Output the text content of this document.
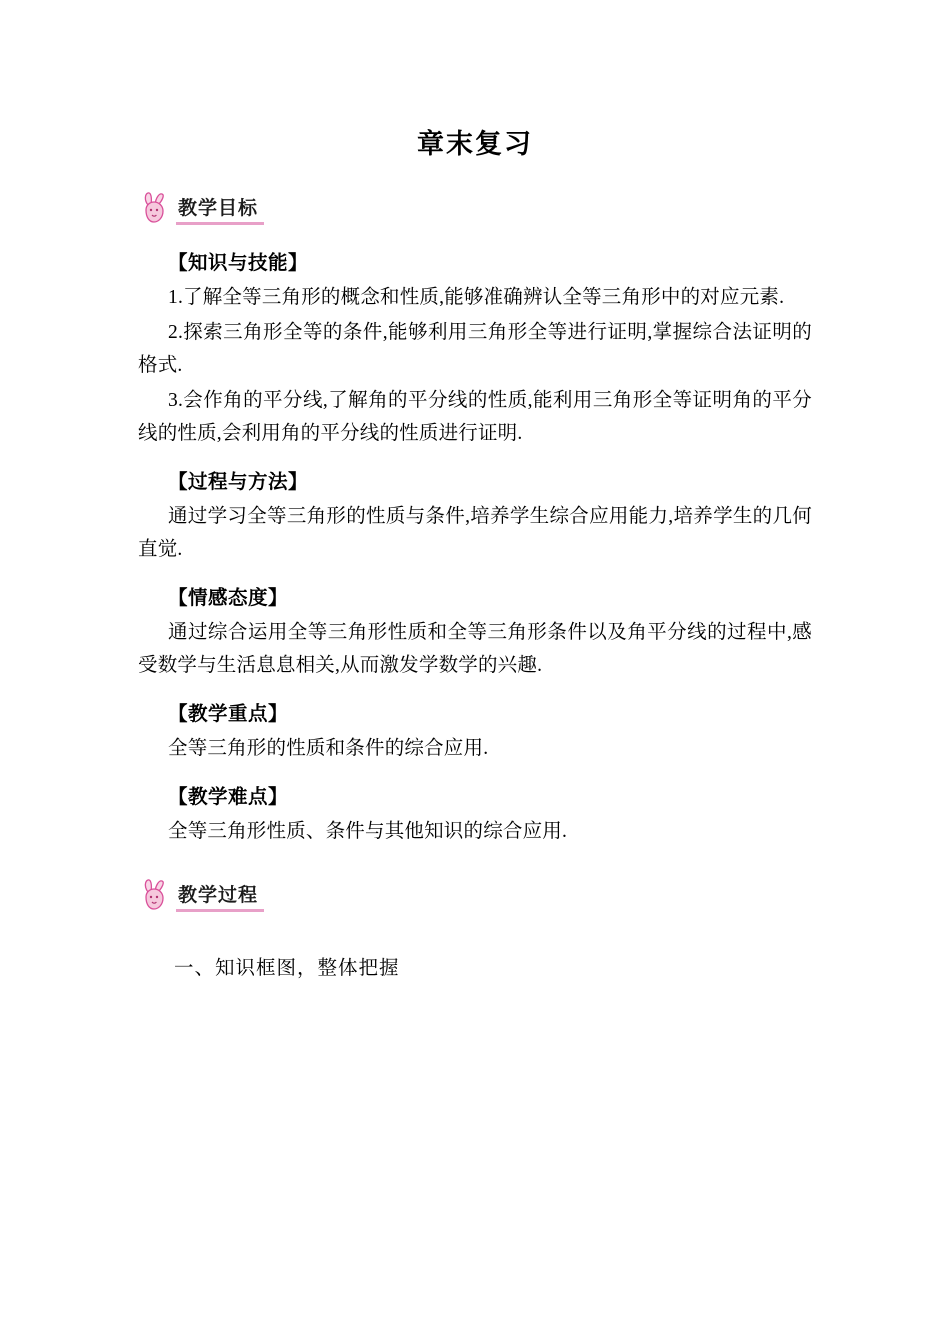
章末复习
教学目标
【知识与技能】

1.了解全等三角形的概念和性质,能够准确辨认全等三角形中的对应元素.

2.探索三角形全等的条件,能够利用三角形全等进行证明,掌握综合法证明的格式.

3.会作角的平分线,了解角的平分线的性质,能利用三角形全等证明角的平分线的性质,会利用角的平分线的性质进行证明.

【过程与方法】

通过学习全等三角形的性质与条件,培养学生综合应用能力,培养学生的几何直觉.

【情感态度】

通过综合运用全等三角形性质和全等三角形条件以及角平分线的过程中,感受数学与生活息息相关,从而激发学数学的兴趣.

【教学重点】

全等三角形的性质和条件的综合应用.

【教学难点】

全等三角形性质、条件与其他知识的综合应用.

教学过程

一、知识框图，整体把握
